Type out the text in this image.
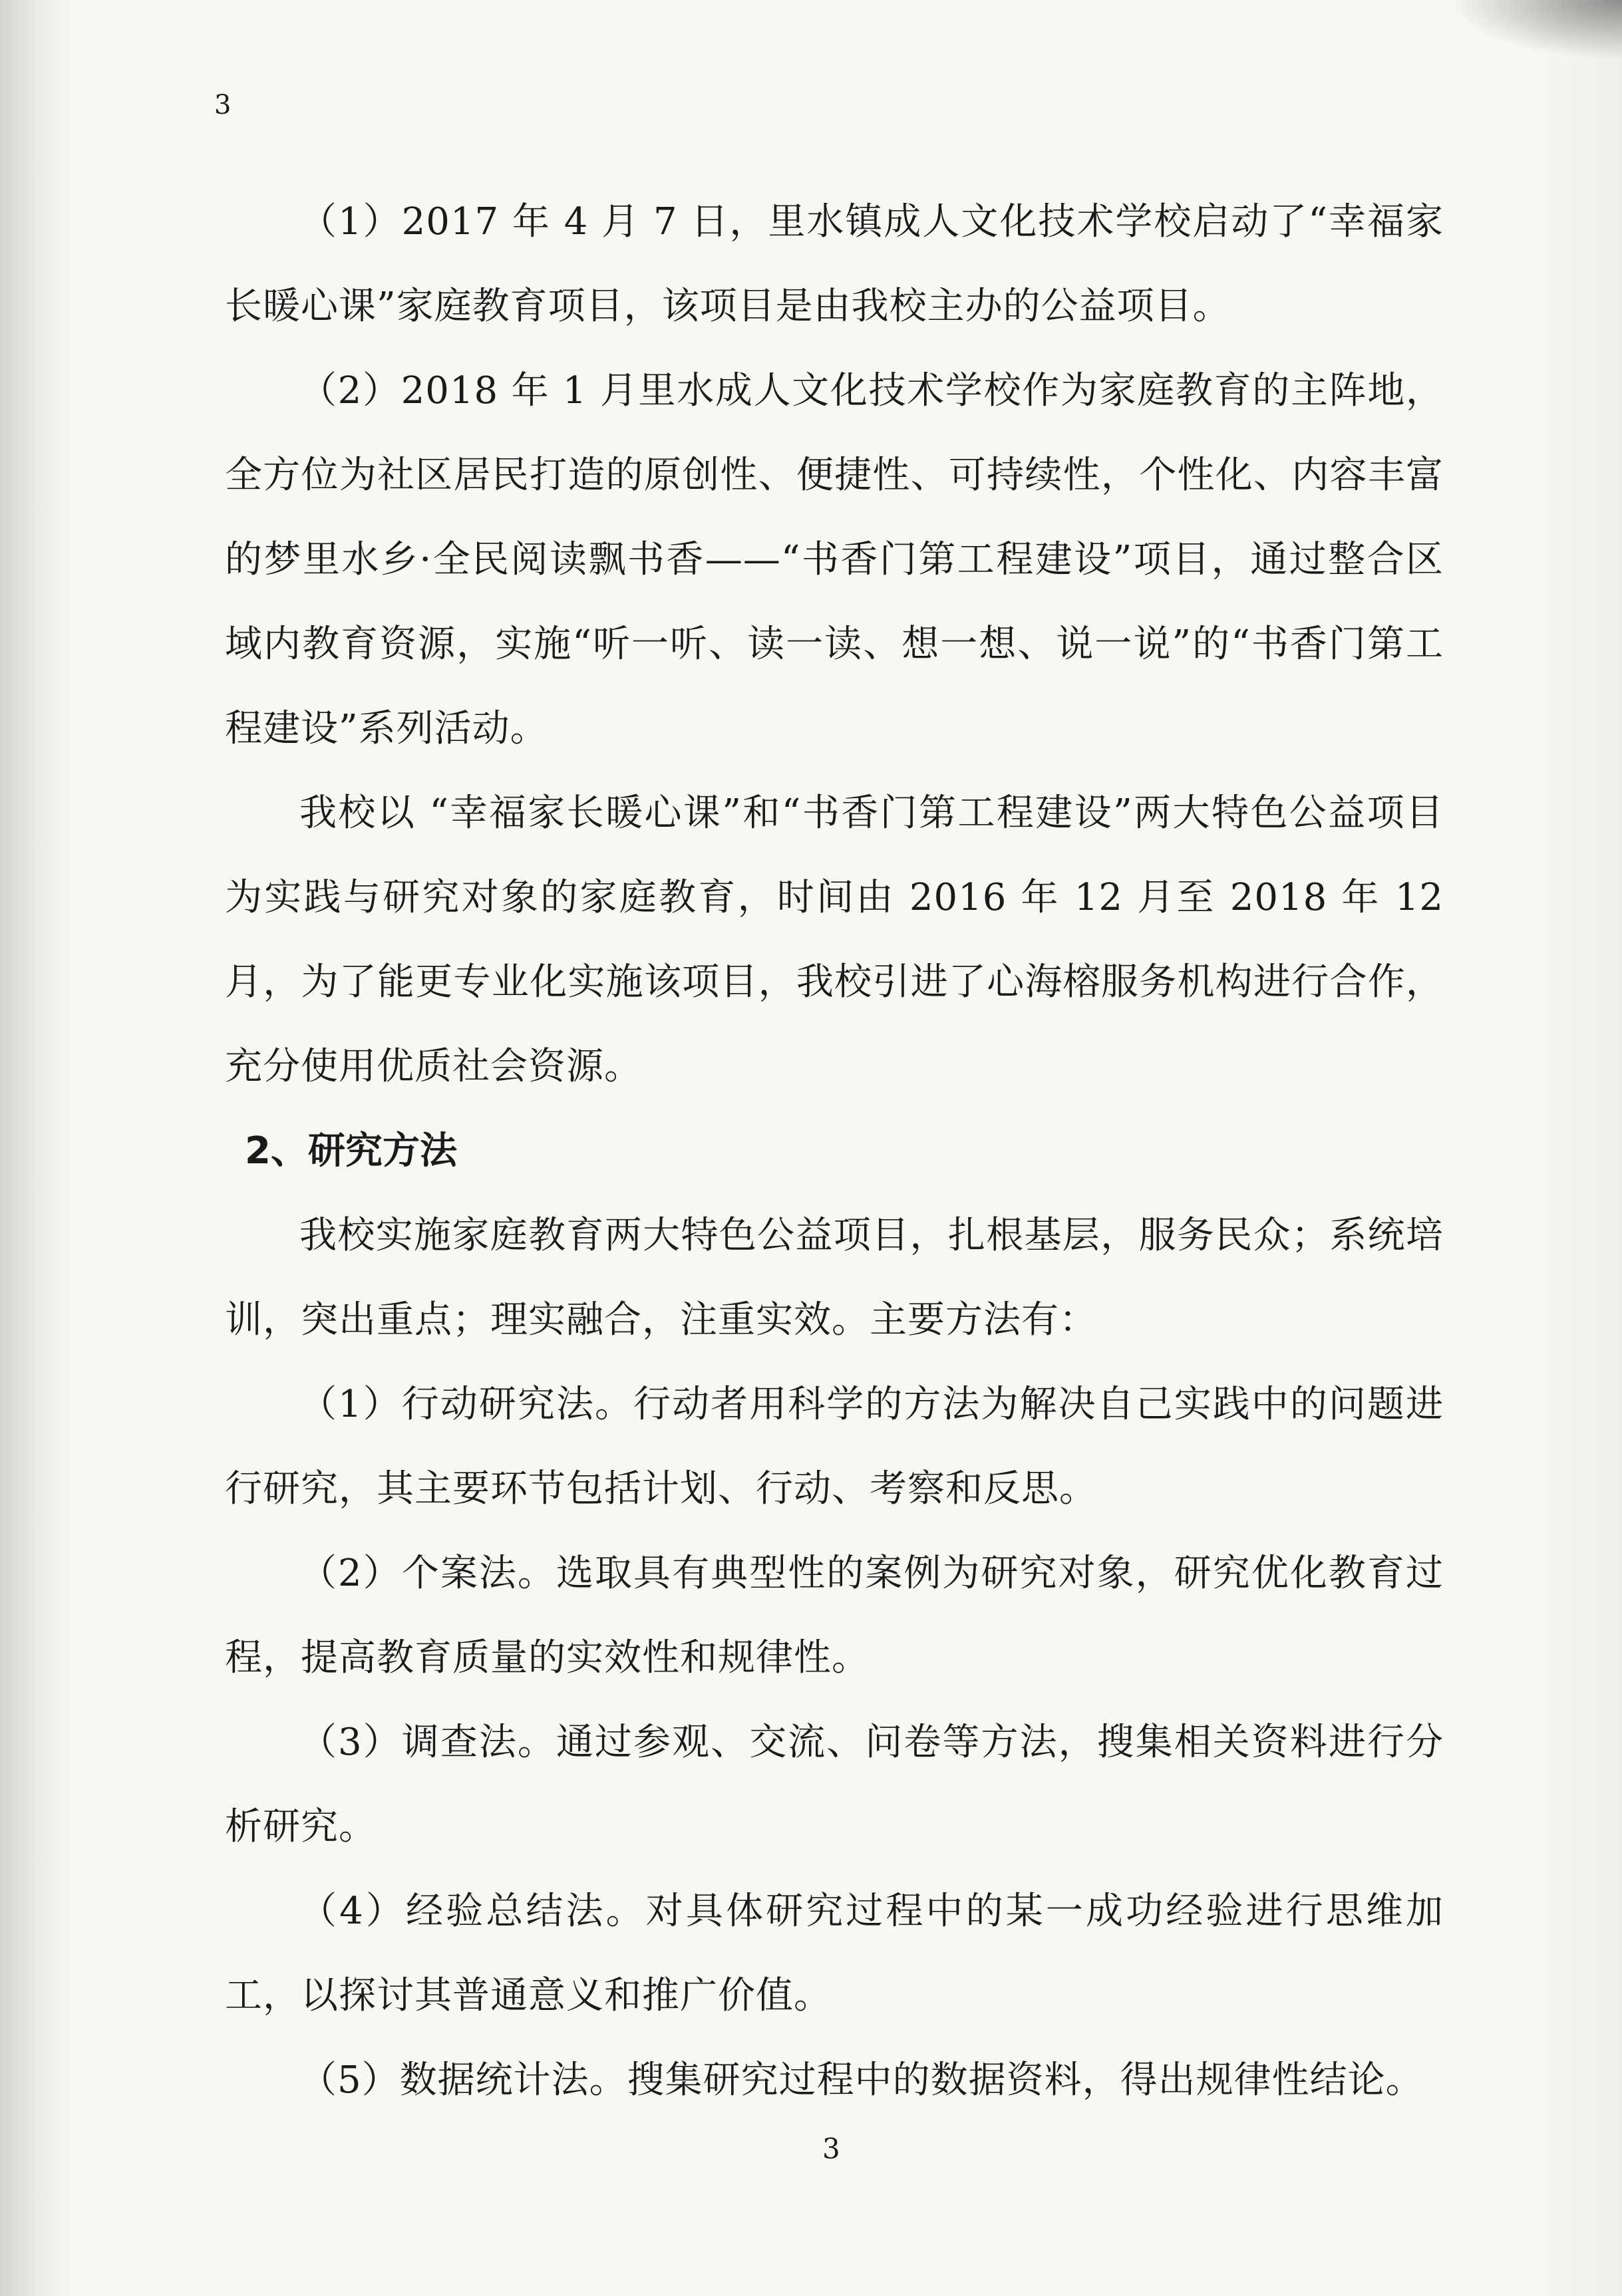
3

（1）2017 年 4 月 7 日，里水镇成人文化技术学校启动了“幸福家长暖心课”家庭教育项目，该项目是由我校主办的公益项目。

（2）2018 年 1 月里水成人文化技术学校作为家庭教育的主阵地，全方位为社区居民打造的原创性、便捷性、可持续性，个性化、内容丰富的梦里水乡·全民阅读飘书香——“书香门第工程建设”项目，通过整合区域内教育资源，实施“听一听、读一读、想一想、说一说”的“书香门第工程建设”系列活动。

我校以 “幸福家长暖心课”和“书香门第工程建设”两大特色公益项目为实践与研究对象的家庭教育，时间由 2016 年 12 月至 2018 年 12 月，为了能更专业化实施该项目，我校引进了心海榕服务机构进行合作，充分使用优质社会资源。

2、研究方法

我校实施家庭教育两大特色公益项目，扎根基层，服务民众；系统培训，突出重点；理实融合，注重实效。主要方法有：

（1）行动研究法。行动者用科学的方法为解决自己实践中的问题进行研究，其主要环节包括计划、行动、考察和反思。

（2）个案法。选取具有典型性的案例为研究对象，研究优化教育过程，提高教育质量的实效性和规律性。

（3）调查法。通过参观、交流、问卷等方法，搜集相关资料进行分析研究。

（4）经验总结法。对具体研究过程中的某一成功经验进行思维加工，以探讨其普通意义和推广价值。

（5）数据统计法。搜集研究过程中的数据资料，得出规律性结论。

3
